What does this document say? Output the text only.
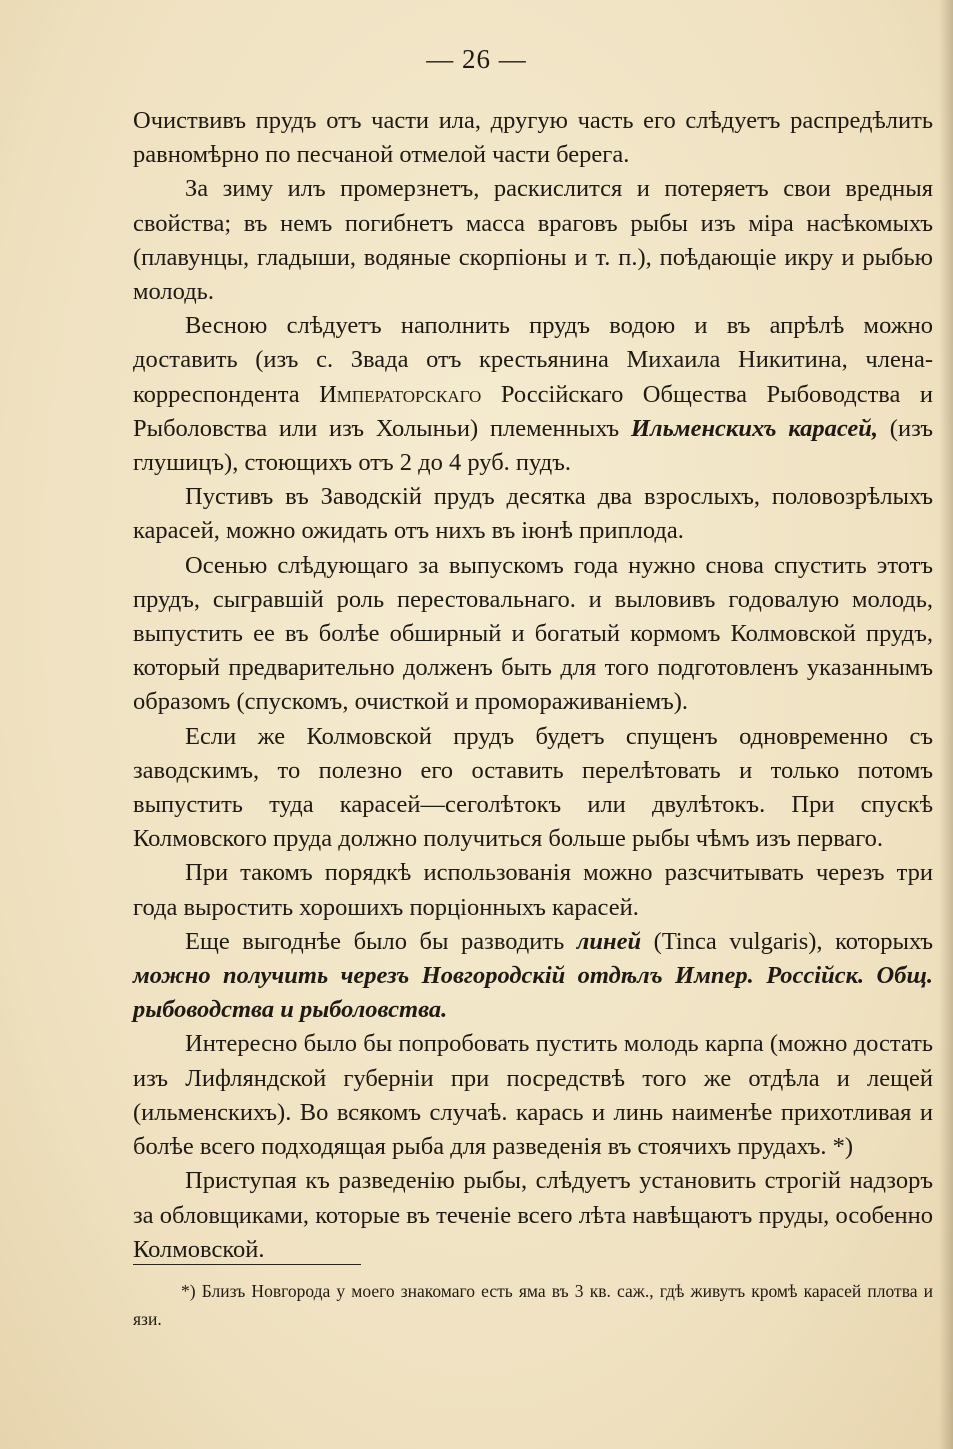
— 26 —

Очиствивъ прудъ отъ части ила, другую часть его слѣдуетъ распредѣлить равномѣрно по песчаной отмелой части берега.

За зиму илъ промерзнетъ, раскислится и потеряетъ свои вредныя свойства; въ немъ погибнетъ масса враговъ рыбы изъ міра насѣкомыхъ (плавунцы, гладыши, водяные скорпіоны и т. п.), поѣдающіе икру и рыбью молодь.

Весною слѣдуетъ наполнить прудъ водою и въ апрѣлѣ можно доставить (изъ с. Звада отъ крестьянина Михаила Никитина, члена-корреспондента Императорскаго Россійскаго Общества Рыбоводства и Рыболовства или изъ Холыньи) племенныхъ Ильменскихъ карасей, (изъ глушицъ), стоющихъ отъ 2 до 4 руб. пудъ.

Пустивъ въ Заводскій прудъ десятка два взрослыхъ, половозрѣлыхъ карасей, можно ожидать отъ нихъ въ іюнѣ приплода.

Осенью слѣдующаго за выпускомъ года нужно снова спустить этотъ прудъ, сыгравшій роль перестовальнаго. и выловивъ годовалую молодь, выпустить ее въ болѣе обширный и богатый кормомъ Колмовской прудъ, который предварительно долженъ быть для того подготовленъ указаннымъ образомъ (спускомъ, очисткой и промораживаніемъ).

Если же Колмовской прудъ будетъ спущенъ одновременно съ заводскимъ, то полезно его оставить перелѣтовать и только потомъ выпустить туда карасей—сеголѣтокъ или двулѣтокъ. При спускѣ Колмовского пруда должно получиться больше рыбы чѣмъ изъ перваго.

При такомъ порядкѣ использованія можно разсчитывать черезъ три года выростить хорошихъ порціонныхъ карасей.

Еще выгоднѣе было бы разводить линей (Tinca vulgaris), которыхъ можно получить черезъ Новгородскій отдѣлъ Импер. Россійск. Общ. рыбоводства и рыболовства.

Интересно было бы попробовать пустить молодь карпа (можно достать изъ Лифляндской губерніи при посредствѣ того же отдѣла и лещей (ильменскихъ). Во всякомъ случаѣ. карась и линь наименѣе прихотливая и болѣе всего подходящая рыба для разведенія въ стоячихъ прудахъ. *)

Приступая къ разведенію рыбы, слѣдуетъ установить строгій надзоръ за обловщиками, которые въ теченіе всего лѣта навѣщаютъ пруды, особенно Колмовской.

*) Близъ Новгорода у моего знакомаго есть яма въ 3 кв. саж., гдѣ живутъ кромѣ карасей плотва и язи.
